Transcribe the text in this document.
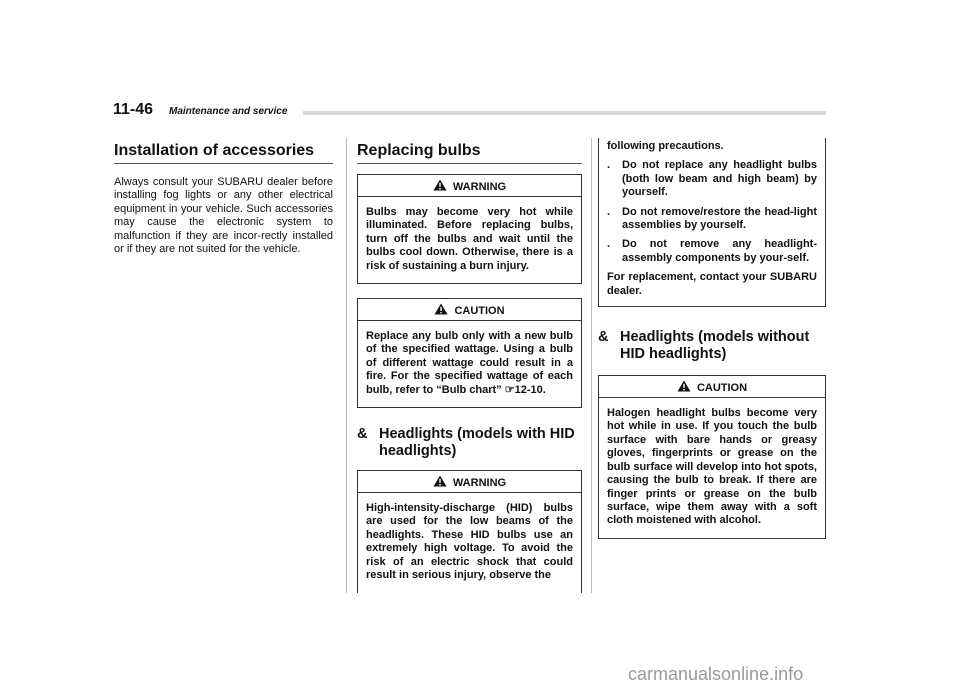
11-46 Maintenance and service
Installation of accessories

Always consult your SUBARU dealer before installing fog lights or any other electrical equipment in your vehicle. Such accessories may cause the electronic system to malfunction if they are incor-rectly installed or if they are not suited for the vehicle.

Replacing bulbs
WARNING
Bulbs may become very hot while illuminated. Before replacing bulbs, turn off the bulbs and wait until the bulbs cool down. Otherwise, there is a risk of sustaining a burn injury.
CAUTION
Replace any bulb only with a new bulb of the specified wattage. Using a bulb of different wattage could result in a fire. For the specified wattage of each bulb, refer to “Bulb chart” ☞12-10.
& Headlights (models with HID headlights)
WARNING
High-intensity-discharge (HID) bulbs are used for the low beams of the headlights. These HID bulbs use an extremely high voltage. To avoid the risk of an electric shock that could result in serious injury, observe the

following precautions.

. Do not replace any headlight bulbs (both low beam and high beam) by yourself.

. Do not remove/restore the head-light assemblies by yourself.

. Do not remove any headlight-assembly components by your-self.

For replacement, contact your SUBARU dealer.

& Headlights (models without HID headlights)
CAUTION
Halogen headlight bulbs become very hot while in use. If you touch the bulb surface with bare hands or greasy gloves, fingerprints or grease on the bulb surface will develop into hot spots, causing the bulb to break. If there are finger prints or grease on the bulb surface, wipe them away with a soft cloth moistened with alcohol.
carmanualsonline.info
